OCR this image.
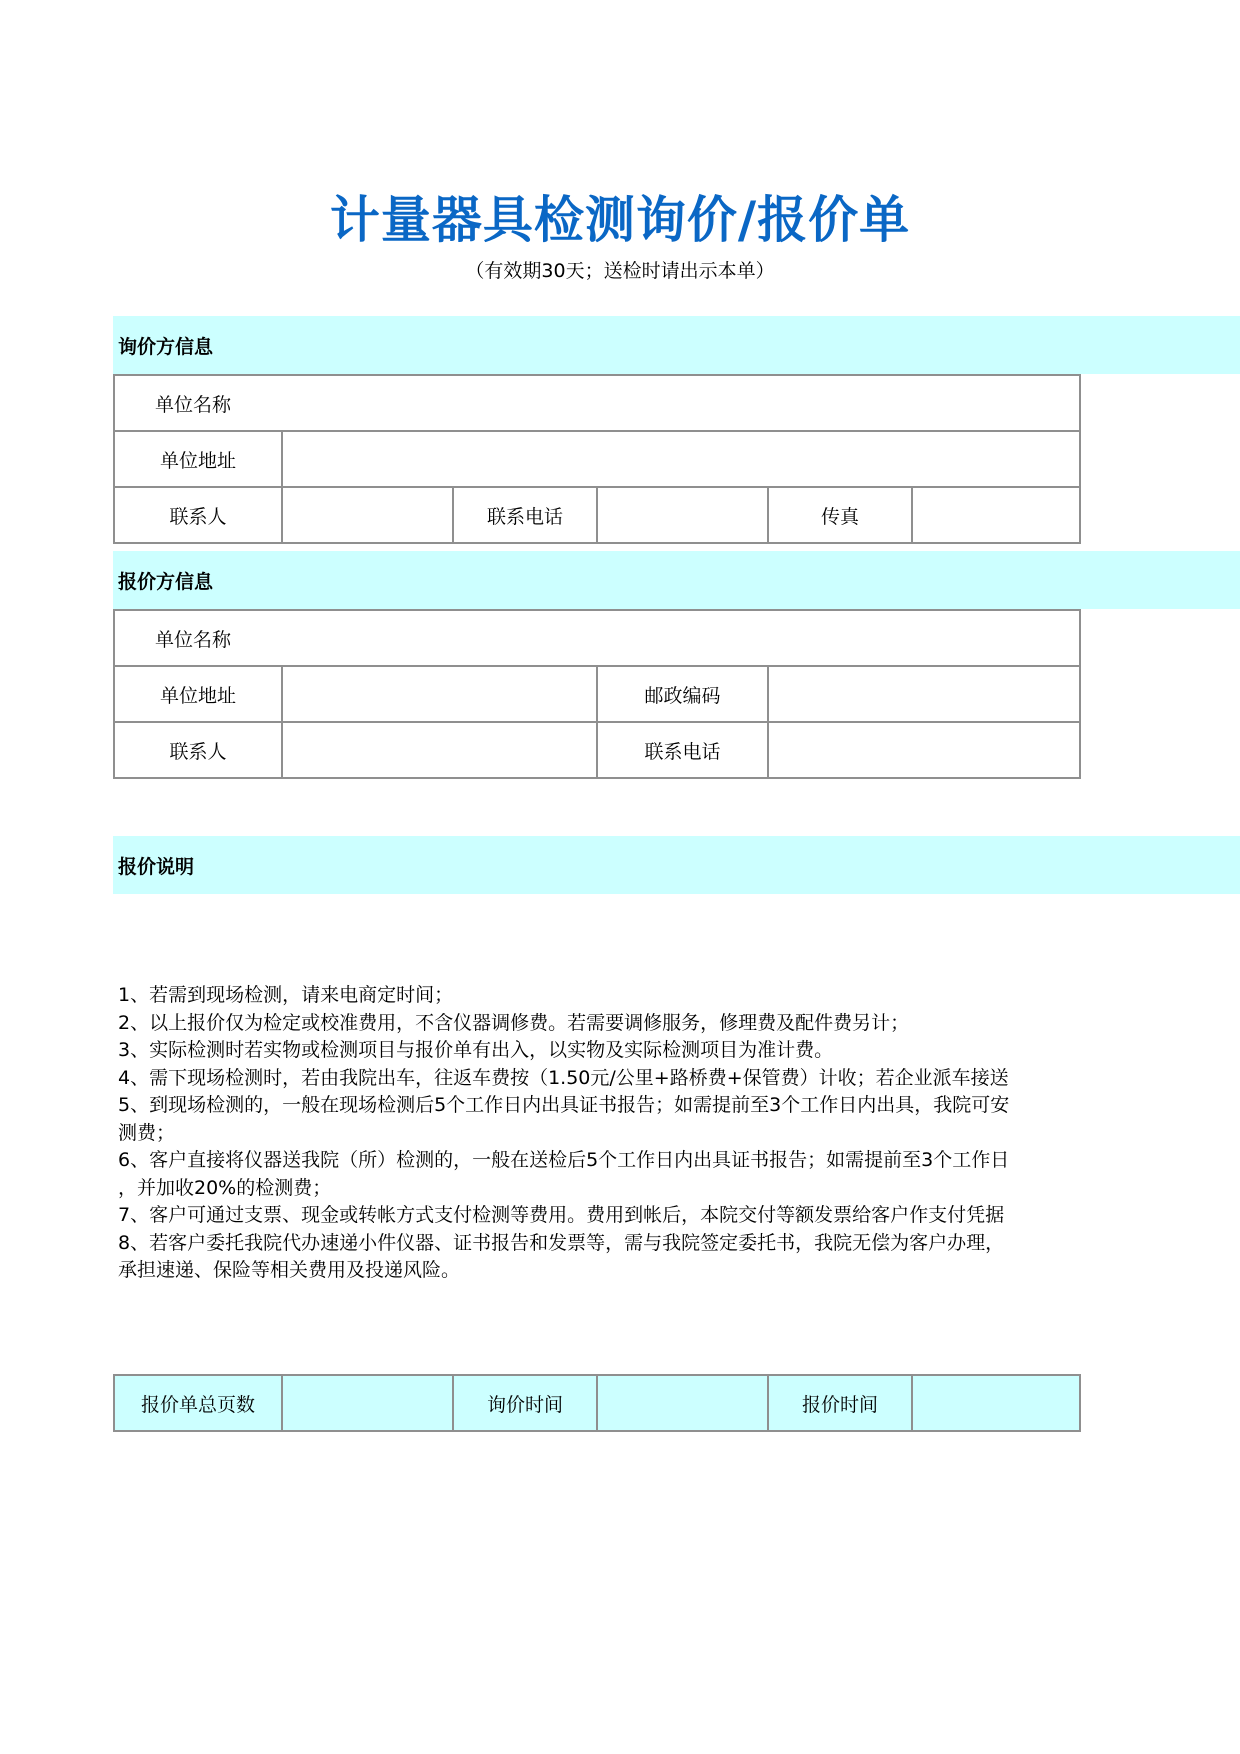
计量器具检测询价/报价单
（有效期30天；送检时请出示本单）
询价方信息
单位名称					
单位地址					
联系人		联系电话		传真	
报价方信息
单位名称			
单位地址		邮政编码	
联系人		联系电话	
报价说明
1、若需到现场检测，请来电商定时间；
2、以上报价仅为检定或校准费用，不含仪器调修费。若需要调修服务，修理费及配件费另计；
3、实际检测时若实物或检测项目与报价单有出入，以实物及实际检测项目为准计费。
4、需下现场检测时，若由我院出车，往返车费按（1.50元/公里+路桥费+保管费）计收；若企业派车接送
5、到现场检测的，一般在现场检测后5个工作日内出具证书报告；如需提前至3个工作日内出具，我院可安
测费；
6、客户直接将仪器送我院（所）检测的，一般在送检后5个工作日内出具证书报告；如需提前至3个工作日
，并加收20%的检测费；
7、客户可通过支票、现金或转帐方式支付检测等费用。费用到帐后，本院交付等额发票给客户作支付凭据
8、若客户委托我院代办速递小件仪器、证书报告和发票等，需与我院签定委托书，我院无偿为客户办理，
承担速递、保险等相关费用及投递风险。
报价单总页数		询价时间		报价时间	
